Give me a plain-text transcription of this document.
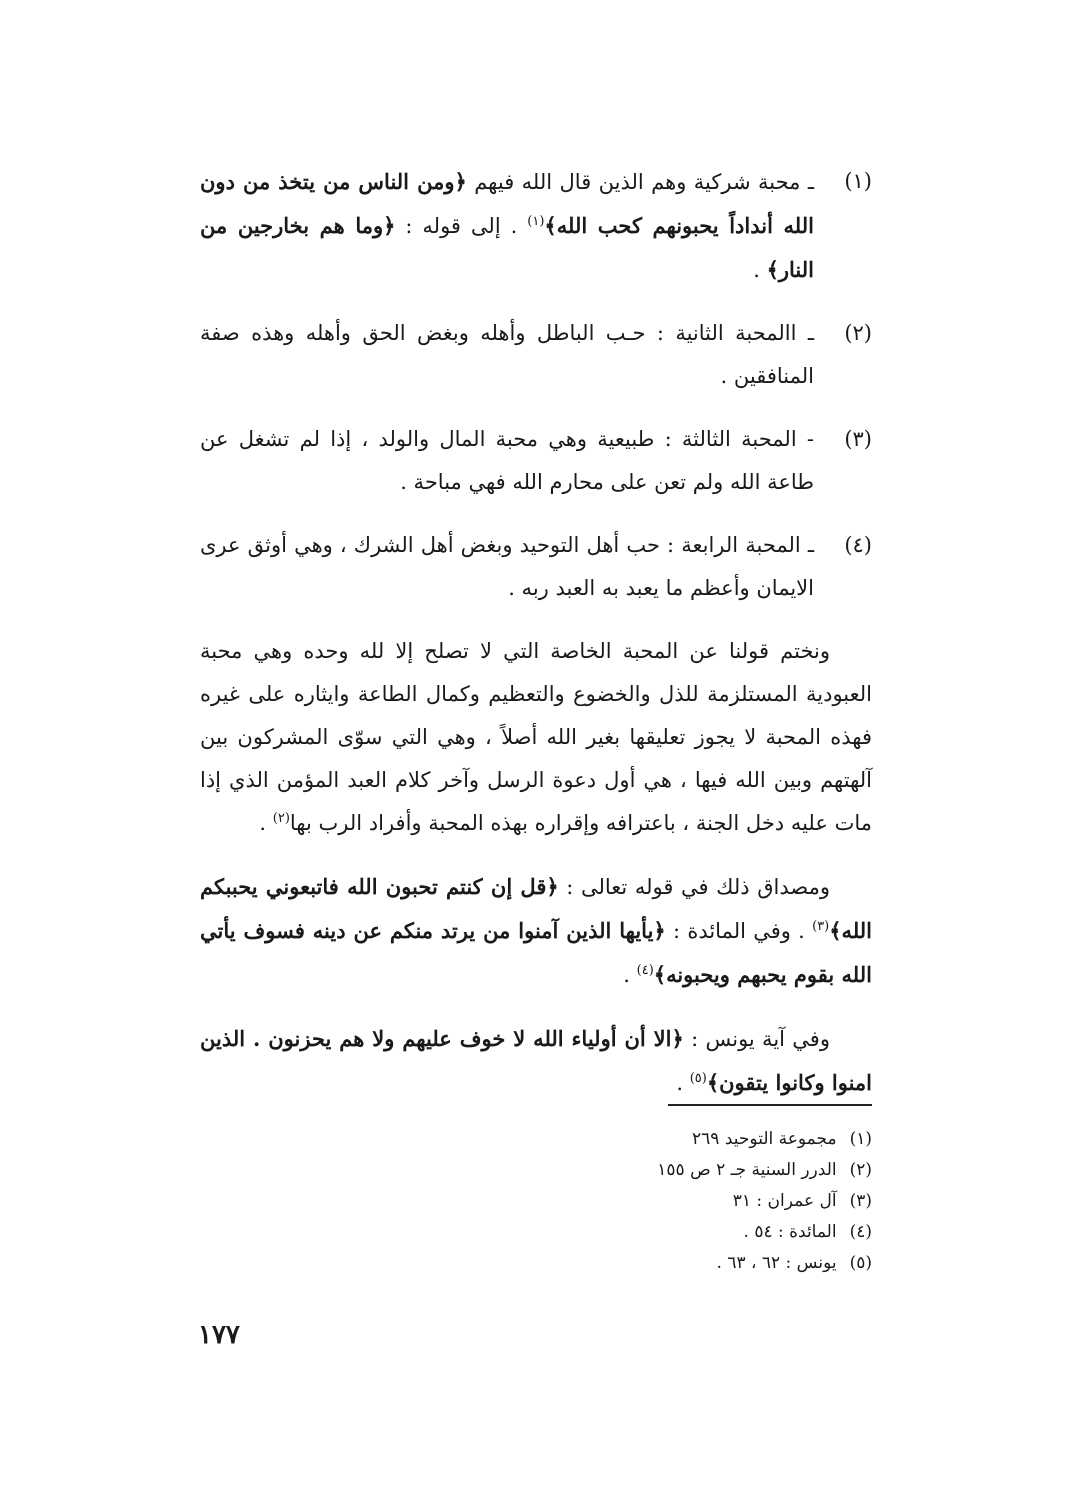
(١)
ـ محبة شركية وهم الذين قال الله فيهم ﴿ومن الناس من يتخذ من دون الله أنداداً يحبونهم كحب الله﴾$^{(١)}$ . إلى قوله : ﴿وما هم بخارجين من النار﴾ .
(٢)
ـ االمحبة الثانية : حـب الباطل وأهله وبغض الحق وأهله وهذه صفة المنافقين .
(٣)
- المحبة الثالثة : طبيعية وهي محبة المال والولد ، إذا لم تشغل عن طاعة الله ولم تعن على محارم الله فهي مباحة .
(٤)
ـ المحبة الرابعة : حب أهل التوحيد وبغض أهل الشرك ، وهي أوثق عرى الايمان وأعظم ما يعبد به العبد ربه .
ونختم قولنا عن المحبة الخاصة التي لا تصلح إلا لله وحده وهي محبة العبودية المستلزمة للذل والخضوع والتعظيم وكمال الطاعة وايثاره على غيره فهذه المحبة لا يجوز تعليقها بغير الله أصلاً ، وهي التي سوّى المشركون بين آلهتهم وبين الله فيها ، هي أول دعوة الرسل وآخر كلام العبد المؤمن الذي إذا مات عليه دخل الجنة ، باعترافه وإقراره بهذه المحبة وأفراد الرب بها$^{(٢)}$ .
ومصداق ذلك في قوله تعالى : ﴿قل إن كنتم تحبون الله فاتبعوني يحببكم الله﴾$^{(٣)}$ . وفي المائدة : ﴿يأيها الذين آمنوا من يرتد منكم عن دينه فسوف يأتي الله بقوم يحبهم ويحبونه﴾$^{(٤)}$ .
وفي آية يونس : ﴿الا أن أولياء الله لا خوف عليهم ولا هم يحزنون . الذين امنوا وكانوا يتقون﴾$^{(٥)}$ .
(١) مجموعة التوحيد ٢٦٩
(٢) الدرر السنية جـ ٢ ص ١٥٥
(٣) آل عمران : ٣١
(٤) المائدة : ٥٤ .
(٥) يونس : ٦٢ ، ٦٣ .
١٧٧
